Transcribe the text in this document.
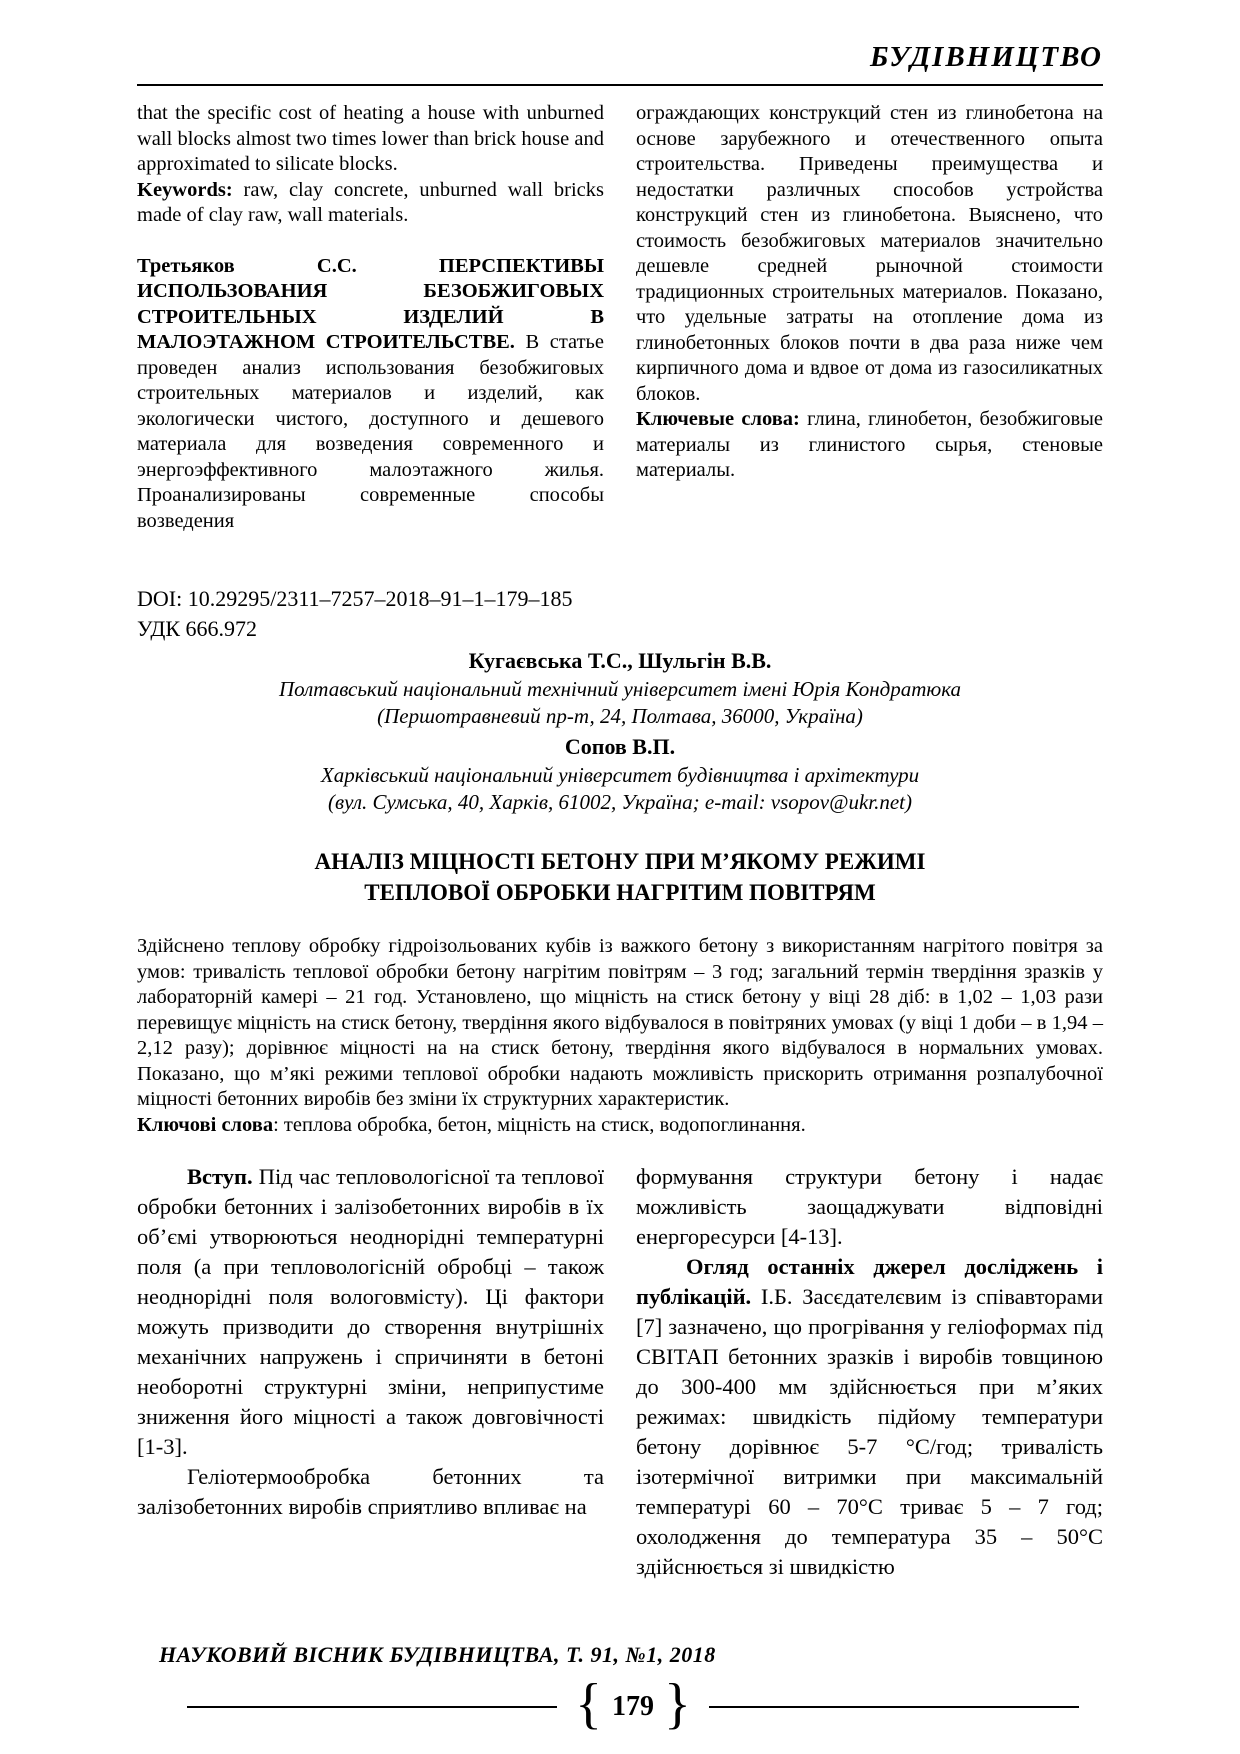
БУДІВНИЦТВО

that the specific cost of heating a house with unburned wall blocks almost two times lower than brick house and approximated to silicate blocks.

Keywords: raw, clay concrete, unburned wall bricks made of clay raw, wall materials.

Третьяков С.С. ПЕРСПЕКТИВЫ ИСПОЛЬЗОВАНИЯ БЕЗОБЖИГОВЫХ СТРОИТЕЛЬНЫХ ИЗДЕЛИЙ В МАЛОЭТАЖНОМ СТРОИТЕЛЬСТВЕ. В статье проведен анализ использования безобжиговых строительных материалов и изделий, как экологически чистого, доступного и дешевого материала для возведения современного и энергоэффективного малоэтажного жилья. Проанализированы современные способы возведения

ограждающих конструкций стен из глинобетона на основе зарубежного и отечественного опыта строительства. Приведены преимущества и недостатки различных способов устройства конструкций стен из глинобетона. Выяснено, что стоимость безобжиговых материалов значительно дешевле средней рыночной стоимости традиционных строительных материалов. Показано, что удельные затраты на отопление дома из глинобетонных блоков почти в два раза ниже чем кирпичного дома и вдвое от дома из газосиликатных блоков.

Ключевые слова: глина, глинобетон, безобжиговые материалы из глинистого сырья, стеновые материалы.

DOI: 10.29295/2311–7257–2018–91–1–179–185

УДК 666.972

Кугаєвська Т.С., Шульгін В.В.

Полтавський національний технічний університет імені Юрія Кондратюка

(Першотравневий пр-т, 24, Полтава, 36000, Україна)

Сопов В.П.

Харківський національний університет будівництва і архітектури

(вул. Сумська, 40, Харків, 61002, Україна; e-mail: vsopov@ukr.net)

АНАЛІЗ МІЦНОСТІ БЕТОНУ ПРИ М’ЯКОМУ РЕЖИМІ
ТЕПЛОВОЇ ОБРОБКИ НАГРІТИМ ПОВІТРЯМ

Здійснено теплову обробку гідроізольованих кубів із важкого бетону з використанням нагрітого повітря за умов: тривалість теплової обробки бетону нагрітим повітрям – 3 год; загальний термін твердіння зразків у лабораторній камері – 21 год. Установлено, що міцність на стиск бетону у віці 28 діб: в 1,02 – 1,03 рази перевищує міцність на стиск бетону, твердіння якого відбувалося в повітряних умовах (у віці 1 доби – в 1,94 – 2,12 разу); дорівнює міцності на на стиск бетону, твердіння якого відбувалося в нормальних умовах. Показано, що м’які режими теплової обробки надають можливість прискорить отримання розпалубочної міцності бетонних виробів без зміни їх структурних характеристик.

Ключові слова: теплова обробка, бетон, міцність на стиск, водопоглинання.

Вступ. Під час тепловологісної та теплової обробки бетонних і залізобетонних виробів в їх об’ємі утворюються неоднорідні температурні поля (а при тепловологісній обробці – також неоднорідні поля вологовмісту). Ці фактори можуть призводити до створення внутрішніх механічних напружень і спричиняти в бетоні необоротні структурні зміни, неприпустиме зниження його міцності а також довговічності [1-3].

Геліотермообробка бетонних та залізобетонних виробів сприятливо впливає на

формування структури бетону і надає можливість заощаджувати відповідні енергоресурси [4-13].

Огляд останніх джерел досліджень і публікацій. І.Б. Засєдателєвим із співавторами [7] зазначено, що прогрівання у геліоформах під СВІТАП бетонних зразків і виробів товщиною до 300-400 мм здійснюється при м’яких режимах: швидкість підйому температури бетону дорівнює 5-7 °С/год; тривалість ізотермічної витримки при максимальній температурі 60 – 70°С триває 5 – 7 год; охолодження до температура 35 – 50°С здійснюється зі швидкістю

НАУКОВИЙ ВІСНИК БУДІВНИЦТВА, Т. 91, №1, 2018

{ 179 }
